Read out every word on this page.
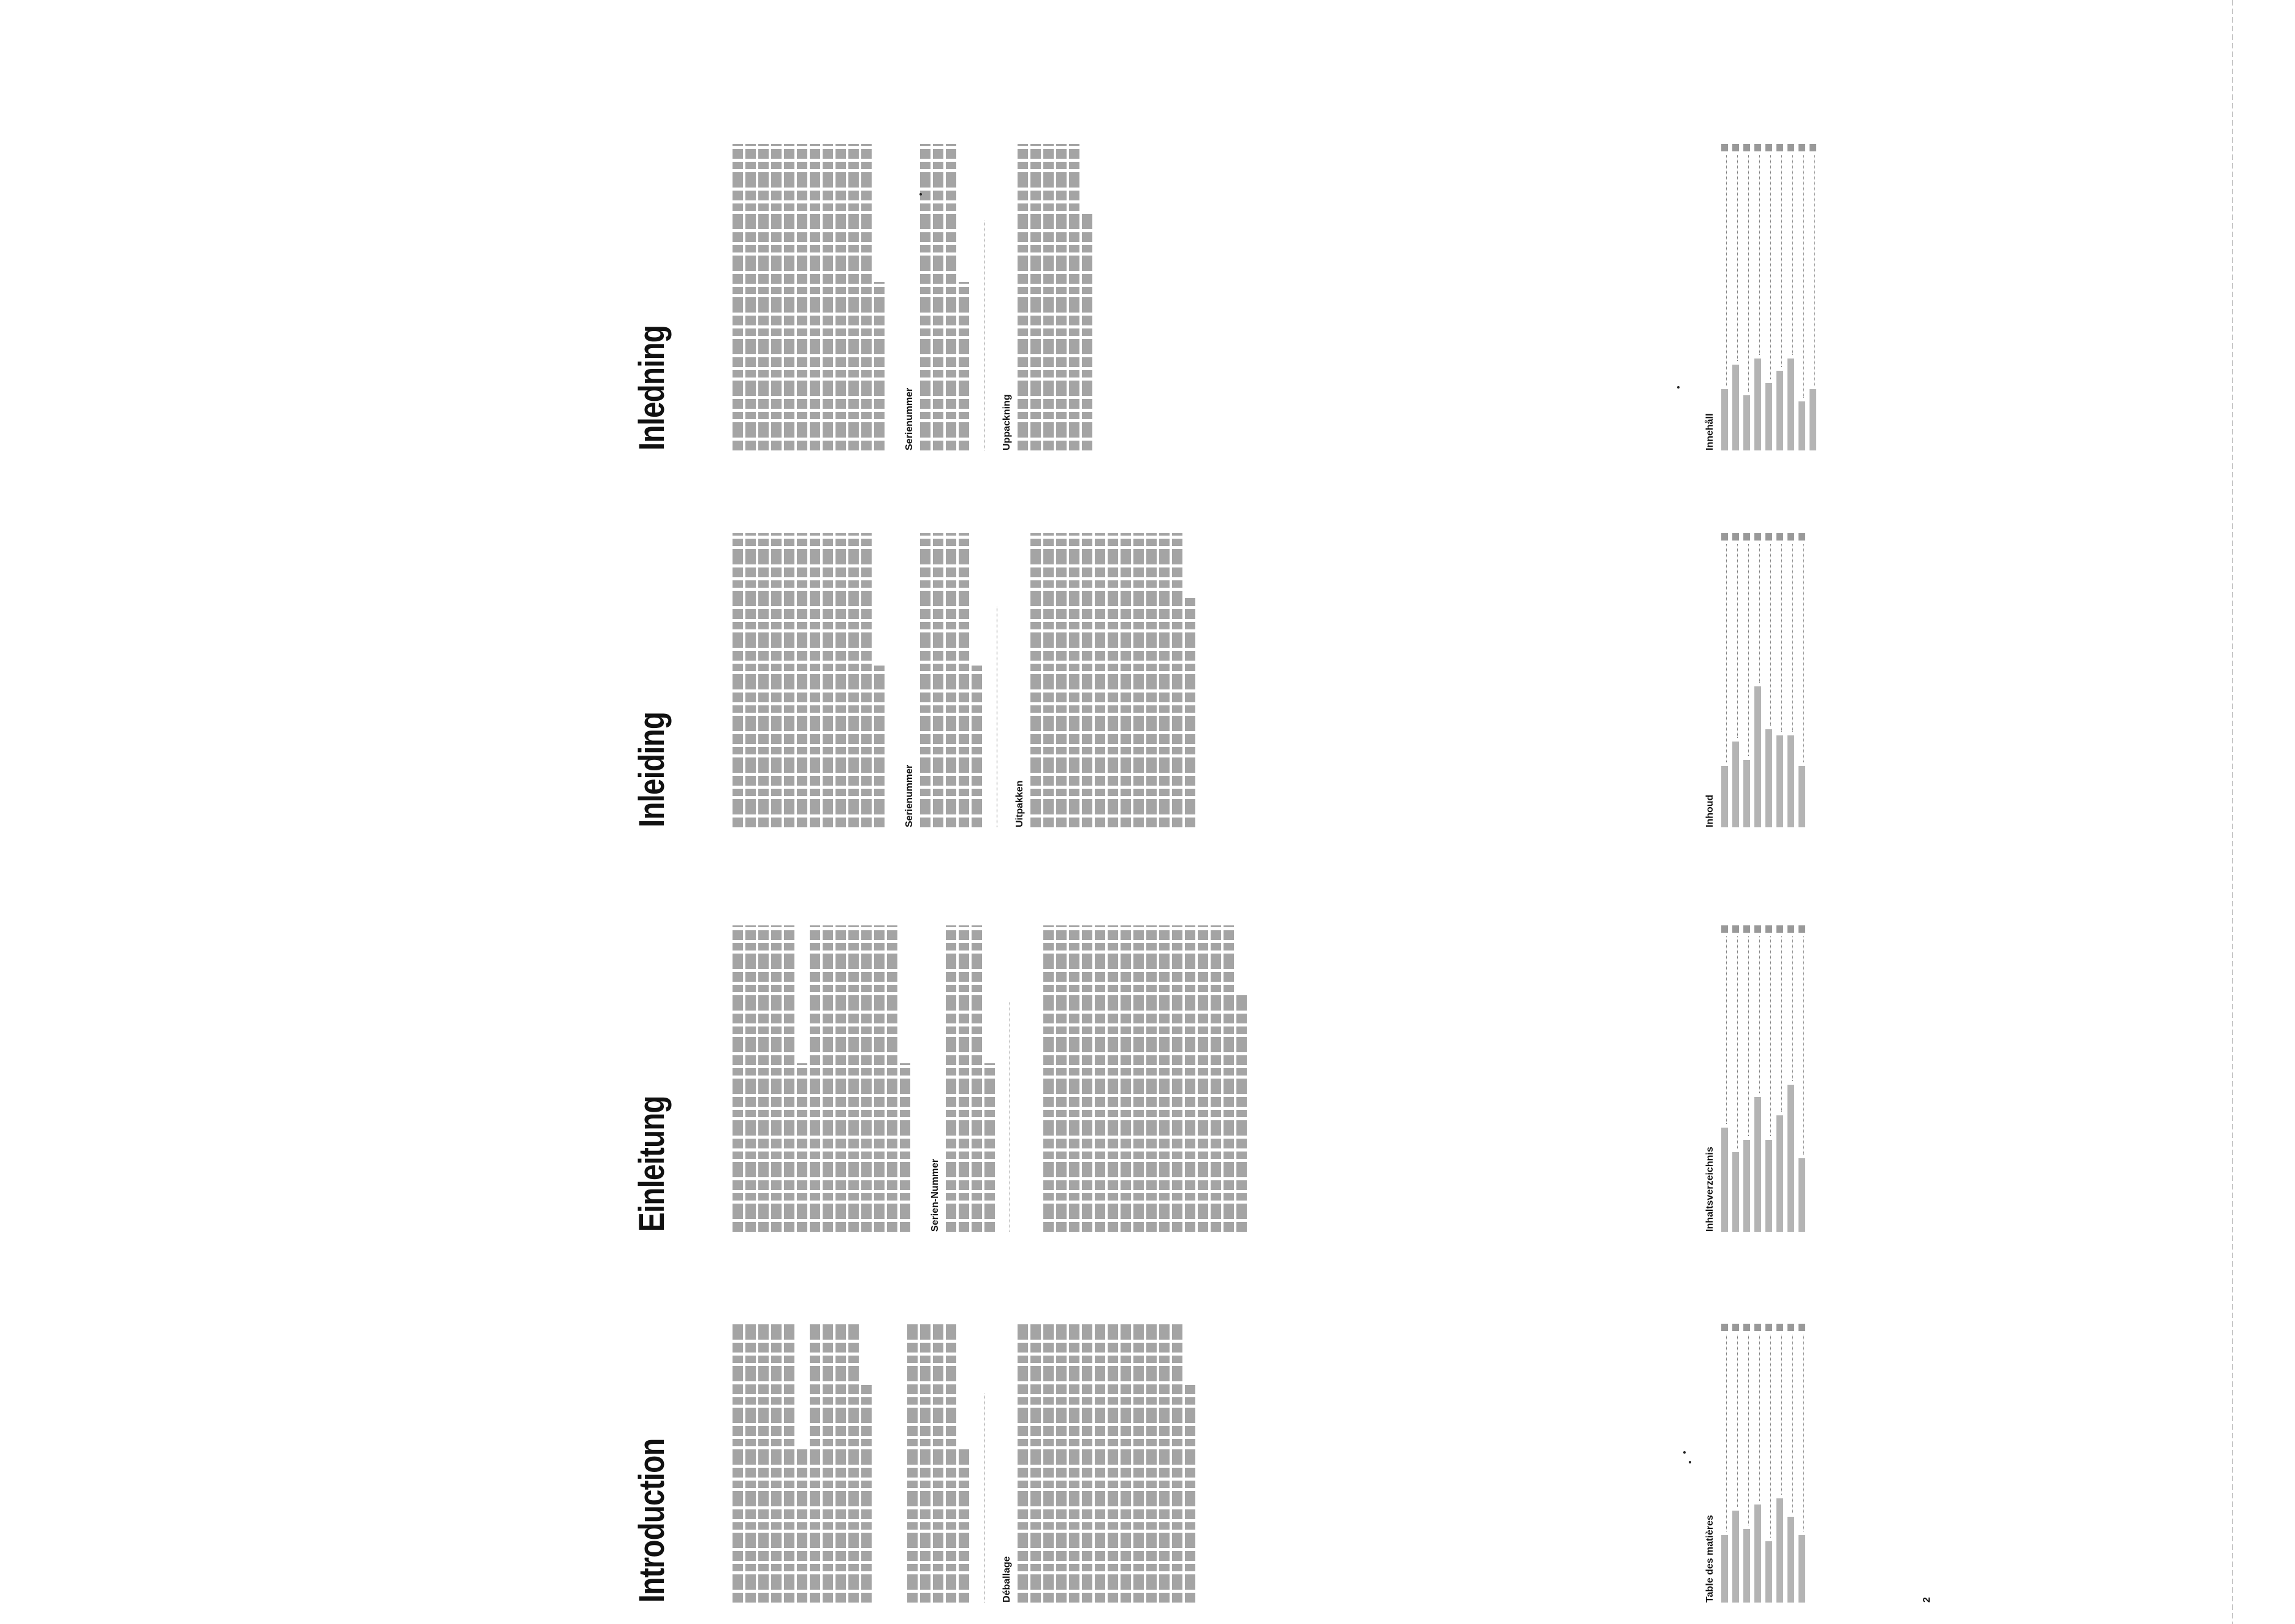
Introduction	Déballage	Table des matières	2
Einleitung	Serien-Nummer	Inhaltsverzeichnis
Inleiding	Serienummer	Uitpakken	Inhoud
Inledning	Serienummer	Uppackning	Innehåll
